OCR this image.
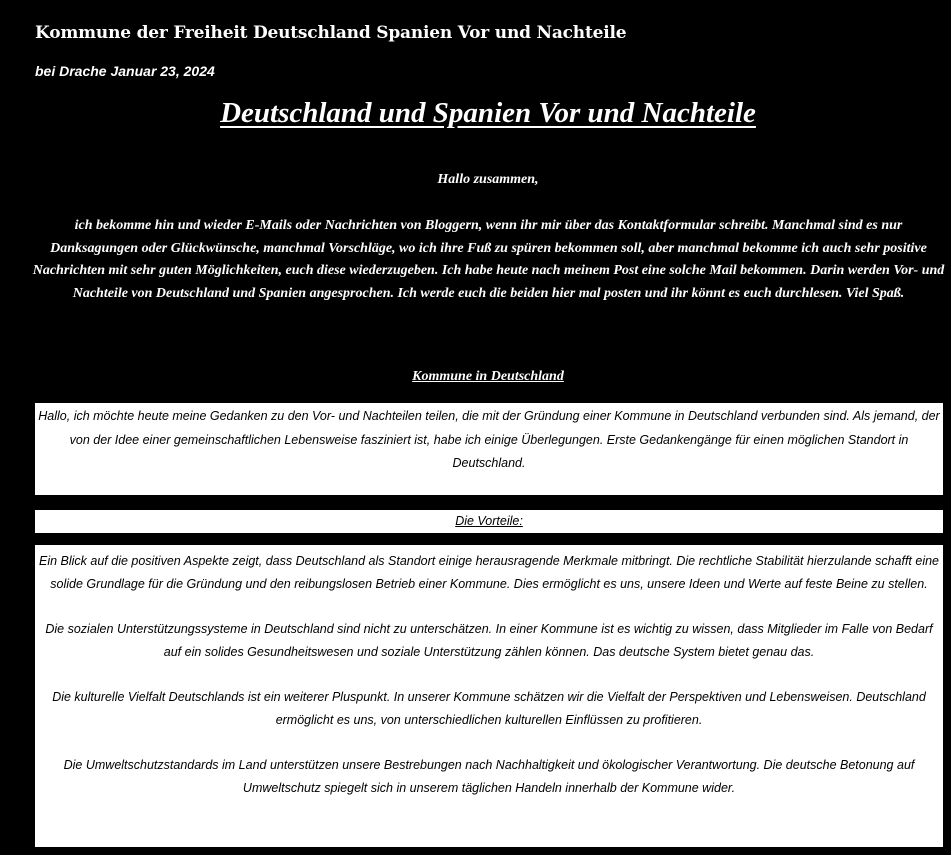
Kommune der Freiheit Deutschland Spanien Vor und Nachteile
bei Drache Januar 23, 2024
Deutschland und Spanien Vor und Nachteile
Hallo zusammen,
ich bekomme hin und wieder E-Mails oder Nachrichten von Bloggern, wenn ihr mir über das Kontaktformular schreibt. Manchmal sind es nur Danksagungen oder Glückwünsche, manchmal Vorschläge, wo ich ihre Fuß zu spüren bekommen soll, aber manchmal bekomme ich auch sehr positive Nachrichten mit sehr guten Möglichkeiten, euch diese wiederzugeben. Ich habe heute nach meinem Post eine solche Mail bekommen. Darin werden Vor- und Nachteile von Deutschland und Spanien angesprochen. Ich werde euch die beiden hier mal posten und ihr könnt es euch durchlesen. Viel Spaß.
Kommune in Deutschland
Hallo, ich möchte heute meine Gedanken zu den Vor- und Nachteilen teilen, die mit der Gründung einer Kommune in Deutschland verbunden sind. Als jemand, der von der Idee einer gemeinschaftlichen Lebensweise fasziniert ist, habe ich einige Überlegungen. Erste Gedankengänge für einen möglichen Standort in Deutschland.
Die Vorteile:

Ein Blick auf die positiven Aspekte zeigt, dass Deutschland als Standort einige herausragende Merkmale mitbringt. Die rechtliche Stabilität hierzulande schafft eine solide Grundlage für die Gründung und den reibungslosen Betrieb einer Kommune. Dies ermöglicht es uns, unsere Ideen und Werte auf feste Beine zu stellen.

Die sozialen Unterstützungssysteme in Deutschland sind nicht zu unterschätzen. In einer Kommune ist es wichtig zu wissen, dass Mitglieder im Falle von Bedarf auf ein solides Gesundheitswesen und soziale Unterstützung zählen können. Das deutsche System bietet genau das.

Die kulturelle Vielfalt Deutschlands ist ein weiterer Pluspunkt. In unserer Kommune schätzen wir die Vielfalt der Perspektiven und Lebensweisen. Deutschland ermöglicht es uns, von unterschiedlichen kulturellen Einflüssen zu profitieren.

Die Umweltschutzstandards im Land unterstützen unsere Bestrebungen nach Nachhaltigkeit und ökologischer Verantwortung. Die deutsche Betonung auf Umweltschutz spiegelt sich in unserem täglichen Handeln innerhalb der Kommune wider.
